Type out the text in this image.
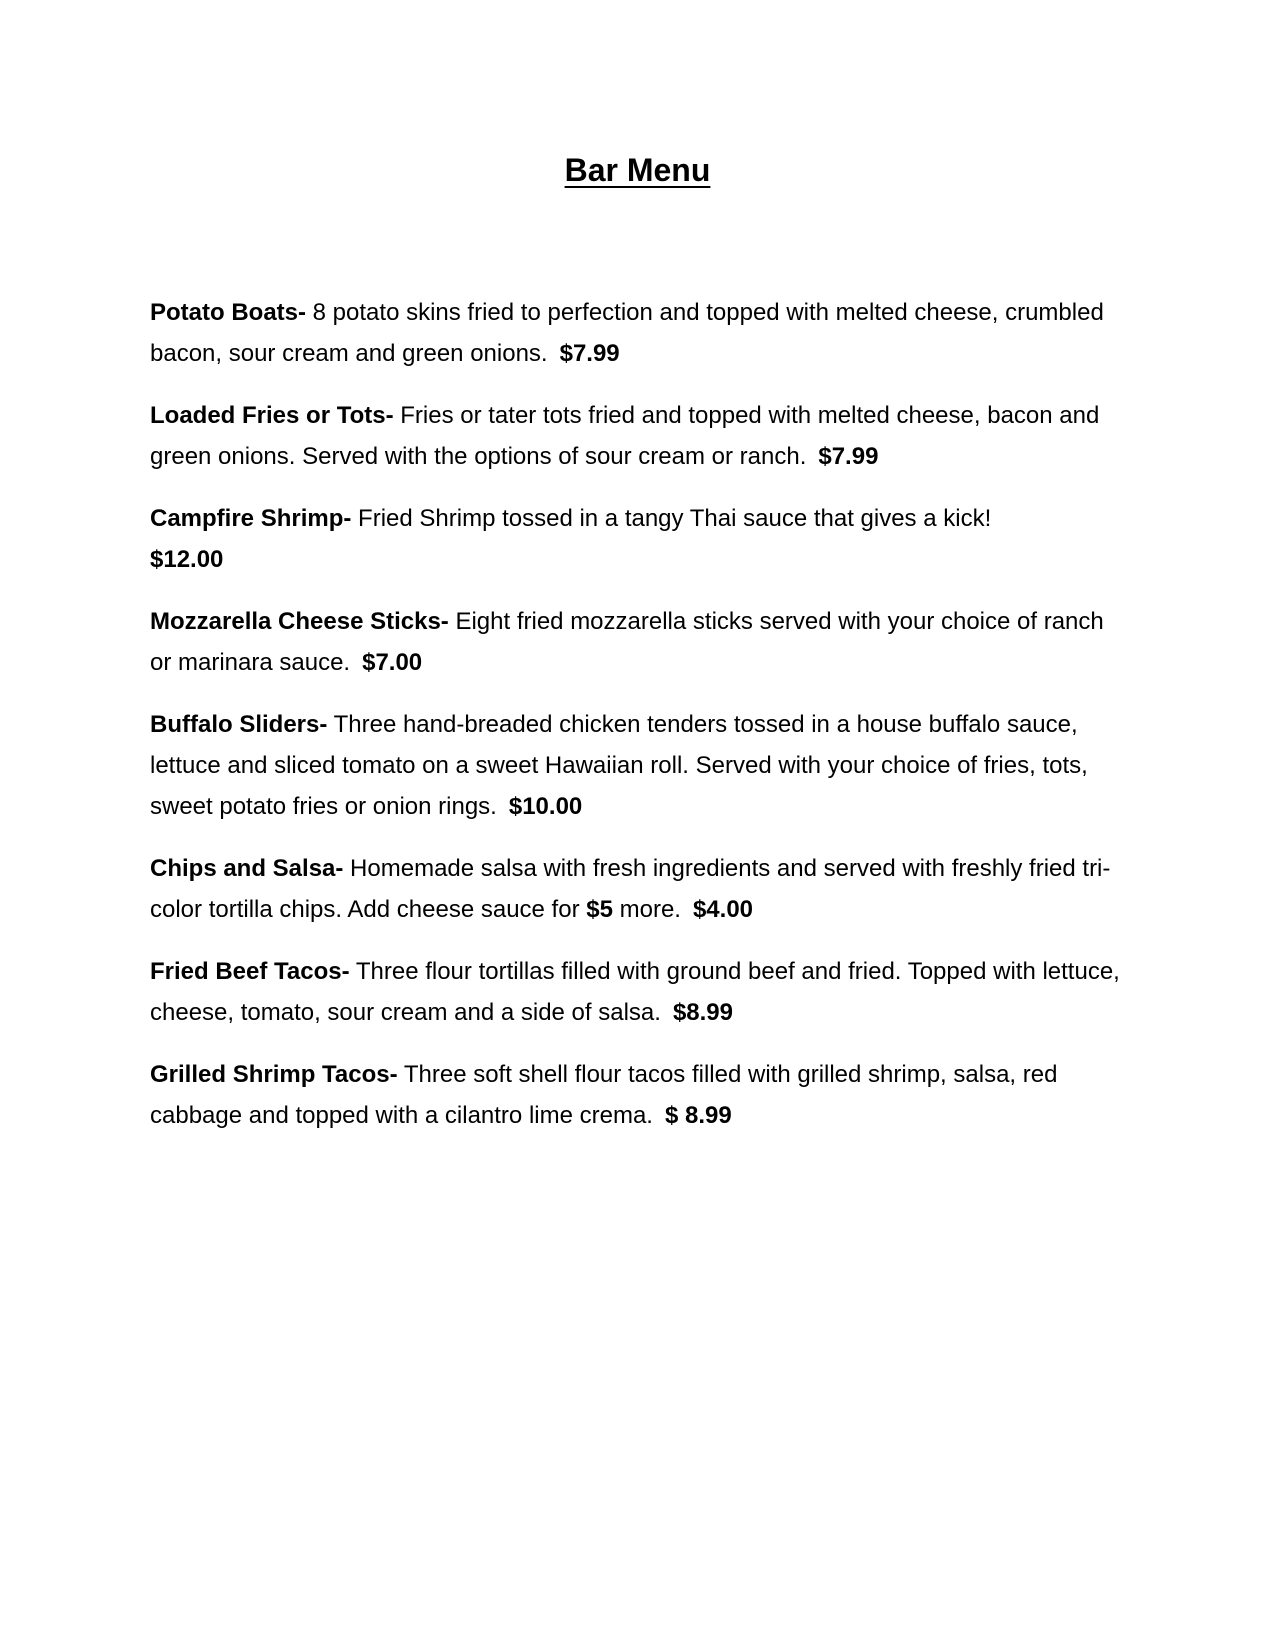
Bar Menu

Potato Boats- 8 potato skins fried to perfection and topped with melted cheese, crumbled bacon, sour cream and green onions. $7.99

Loaded Fries or Tots- Fries or tater tots fried and topped with melted cheese, bacon and green onions. Served with the options of sour cream or ranch. $7.99

Campfire Shrimp- Fried Shrimp tossed in a tangy Thai sauce that gives a kick!
$12.00

Mozzarella Cheese Sticks- Eight fried mozzarella sticks served with your choice of ranch or marinara sauce. $7.00

Buffalo Sliders- Three hand-breaded chicken tenders tossed in a house buffalo sauce, lettuce and sliced tomato on a sweet Hawaiian roll. Served with your choice of fries, tots, sweet potato fries or onion rings. $10.00

Chips and Salsa- Homemade salsa with fresh ingredients and served with freshly fried tri-color tortilla chips. Add cheese sauce for $5 more. $4.00

Fried Beef Tacos- Three flour tortillas filled with ground beef and fried. Topped with lettuce, cheese, tomato, sour cream and a side of salsa. $8.99

Grilled Shrimp Tacos- Three soft shell flour tacos filled with grilled shrimp, salsa, red cabbage and topped with a cilantro lime crema. $ 8.99
